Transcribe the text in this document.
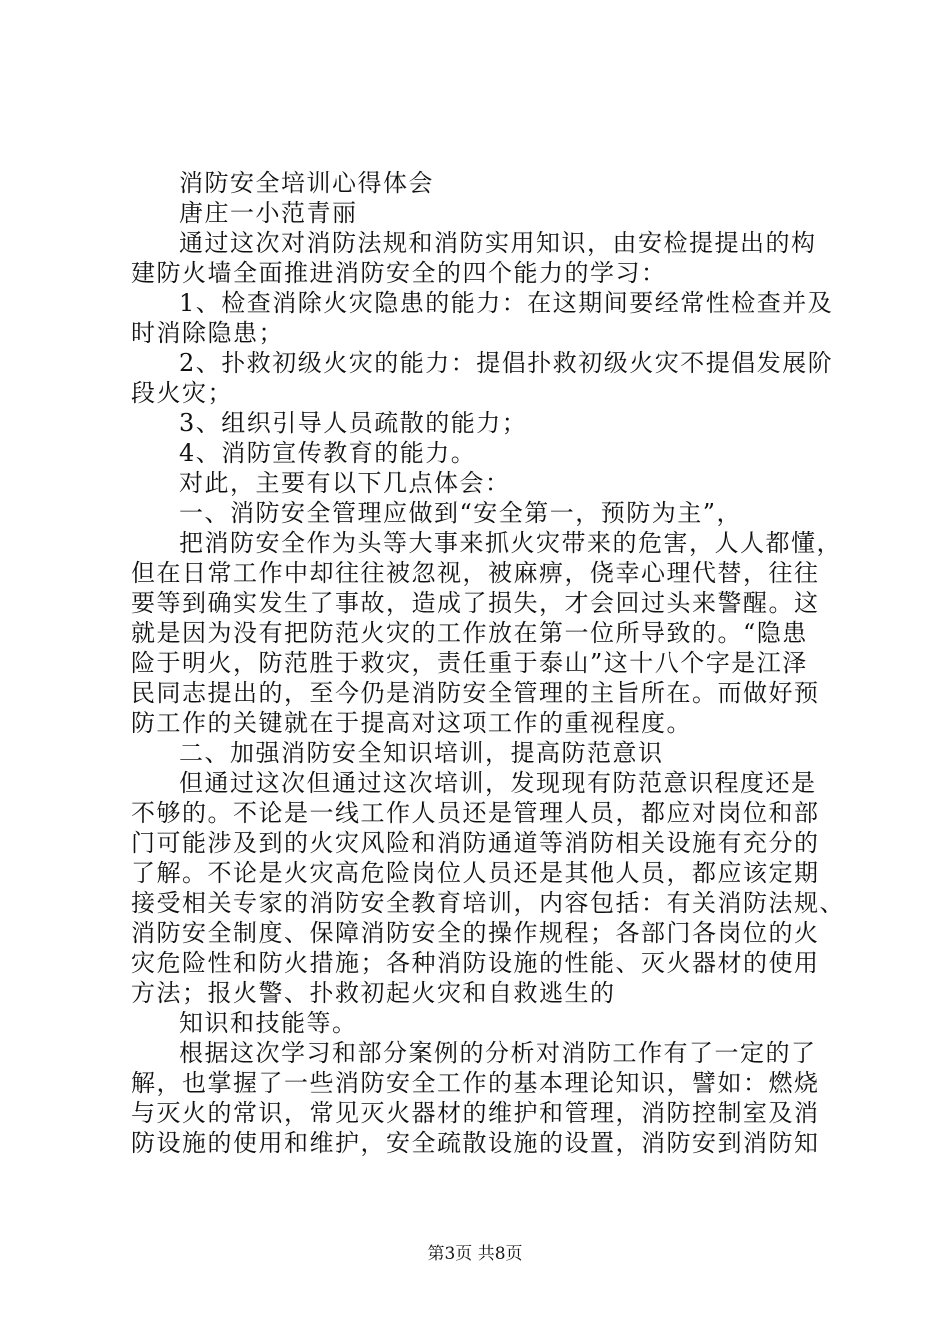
消防安全培训心得体会
唐庄一小范青丽
通过这次对消防法规和消防实用知识，由安检提提出的构
建防火墙全面推进消防安全的四个能力的学习：
1、检查消除火灾隐患的能力：在这期间要经常性检查并及
时消除隐患；
2、扑救初级火灾的能力：提倡扑救初级火灾不提倡发展阶
段火灾；
3、组织引导人员疏散的能力；
4、消防宣传教育的能力。
对此，主要有以下几点体会：
一、消防安全管理应做到“安全第一，预防为主”，
把消防安全作为头等大事来抓火灾带来的危害，人人都懂，
但在日常工作中却往往被忽视，被麻痹，侥幸心理代替，往往
要等到确实发生了事故，造成了损失，才会回过头来警醒。这
就是因为没有把防范火灾的工作放在第一位所导致的。“隐患
险于明火，防范胜于救灾，责任重于泰山”这十八个字是江泽
民同志提出的，至今仍是消防安全管理的主旨所在。而做好预
防工作的关键就在于提高对这项工作的重视程度。
二、加强消防安全知识培训，提高防范意识
但通过这次但通过这次培训，发现现有防范意识程度还是
不够的。不论是一线工作人员还是管理人员，都应对岗位和部
门可能涉及到的火灾风险和消防通道等消防相关设施有充分的
了解。不论是火灾高危险岗位人员还是其他人员，都应该定期
接受相关专家的消防安全教育培训，内容包括：有关消防法规、
消防安全制度、保障消防安全的操作规程；各部门各岗位的火
灾危险性和防火措施；各种消防设施的性能、灭火器材的使用
方法；报火警、扑救初起火灾和自救逃生的
知识和技能等。
根据这次学习和部分案例的分析对消防工作有了一定的了
解，也掌握了一些消防安全工作的基本理论知识，譬如：燃烧
与灭火的常识，常见灭火器材的维护和管理，消防控制室及消
防设施的使用和维护，安全疏散设施的设置，消防安到消防知
第3页 共8页
